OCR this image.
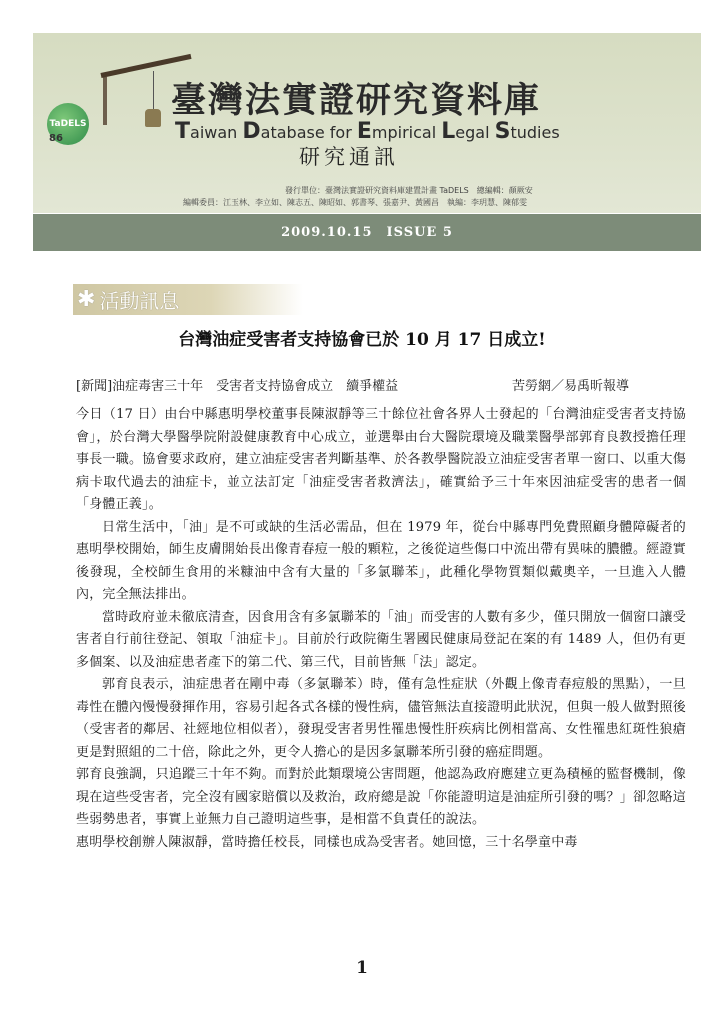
TaDELS
86
臺灣法實證研究資料庫
Taiwan Database for Empirical Legal Studies
研究通訊
發行單位：臺灣法實證研究資料庫建置計畫 TaDELS　總編輯：顏厥安
編輯委員：江玉林、李立如、陳志五、陳昭如、郭書琴、張嘉尹、黃國昌　執編：李玥慧、陳郁雯
2009.10.15　ISSUE 5
✱ 活動訊息
台灣油症受害者支持協會已於 10 月 17 日成立!
[新聞]油症毒害三十年　受害者支持協會成立　續爭權益	苦勞網／易禹昕報導

今日（17 日）由台中縣惠明學校董事長陳淑靜等三十餘位社會各界人士發起的「台灣油症受害者支持協會」，於台灣大學醫學院附設健康教育中心成立，並選舉由台大醫院環境及職業醫學部郭育良教授擔任理事長一職。協會要求政府，建立油症受害者判斷基準、於各教學醫院設立油症受害者單一窗口、以重大傷病卡取代過去的油症卡，並立法訂定「油症受害者救濟法」，確實給予三十年來因油症受害的患者一個「身體正義」。

日常生活中，「油」是不可或缺的生活必需品，但在 1979 年，從台中縣專門免費照顧身體障礙者的惠明學校開始，師生皮膚開始長出像青春痘一般的顆粒，之後從這些傷口中流出帶有異味的膿體。經證實後發現，全校師生食用的米糠油中含有大量的「多氯聯苯」，此種化學物質類似戴奧辛，一旦進入人體內，完全無法排出。

當時政府並未徹底清查，因食用含有多氯聯苯的「油」而受害的人數有多少，僅只開放一個窗口讓受害者自行前往登記、領取「油症卡」。目前於行政院衛生署國民健康局登記在案的有 1489 人，但仍有更多個案、以及油症患者產下的第二代、第三代，目前皆無「法」認定。

郭育良表示，油症患者在剛中毒（多氯聯苯）時，僅有急性症狀（外觀上像青春痘般的黑點），一旦毒性在體內慢慢發揮作用，容易引起各式各樣的慢性病，儘管無法直接證明此狀況，但與一般人做對照後（受害者的鄰居、社經地位相似者），發現受害者男性罹患慢性肝疾病比例相當高、女性罹患紅斑性狼瘡更是對照組的二十倍，除此之外，更令人擔心的是因多氯聯苯所引發的癌症問題。

郭育良強調，只追蹤三十年不夠。而對於此類環境公害問題，他認為政府應建立更為積極的監督機制，像現在這些受害者，完全沒有國家賠償以及救治，政府總是說「你能證明這是油症所引發的嗎？」卻忽略這些弱勢患者，事實上並無力自己證明這些事，是相當不負責任的說法。

惠明學校創辦人陳淑靜，當時擔任校長，同樣也成為受害者。她回憶，三十名學童中毒

1
